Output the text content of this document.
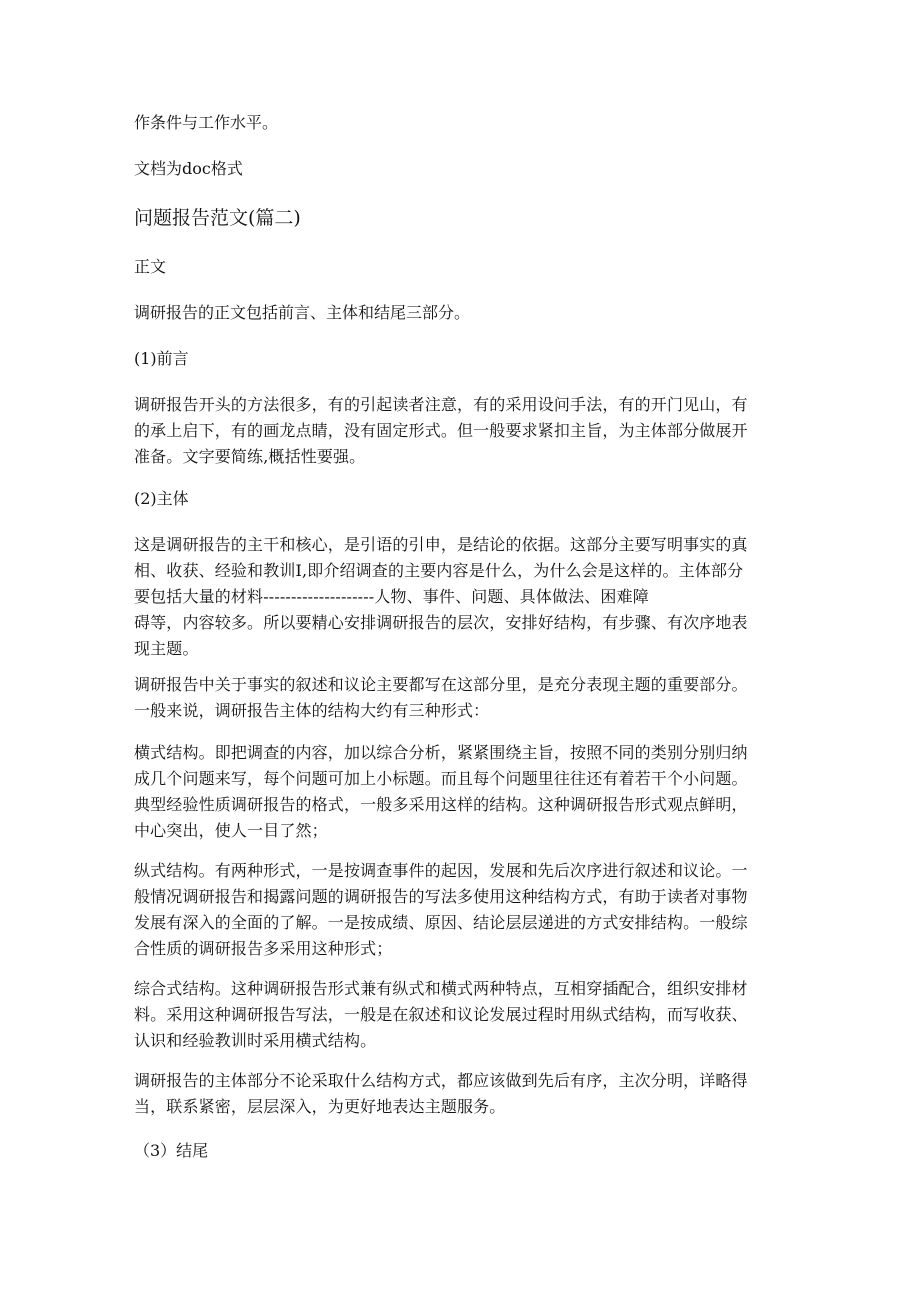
作条件与工作水平。
文档为doc格式
问题报告范文(篇二)
正文
调研报告的正文包括前言、主体和结尾三部分。
(1)前言
调研报告开头的方法很多，有的引起读者注意，有的采用设问手法，有的开门见山，有
的承上启下，有的画龙点睛，没有固定形式。但一般要求紧扣主旨，为主体部分做展开
准备。文字要简练,概括性要强。
(2)主体
这是调研报告的主干和核心，是引语的引申，是结论的依据。这部分主要写明事实的真
相、收获、经验和教训I,即介绍调查的主要内容是什么，为什么会是这样的。主体部分
要包括大量的材料--------------------人物、事件、问题、具体做法、困难障
碍等，内容较多。所以要精心安排调研报告的层次，安排好结构，有步骤、有次序地表
现主题。
调研报告中关于事实的叙述和议论主要都写在这部分里，是充分表现主题的重要部分。
一般来说，调研报告主体的结构大约有三种形式：
横式结构。即把调查的内容，加以综合分析，紧紧围绕主旨，按照不同的类别分别归纳
成几个问题来写，每个问题可加上小标题。而且每个问题里往往还有着若干个小问题。
典型经验性质调研报告的格式，一般多采用这样的结构。这种调研报告形式观点鲜明，
中心突出，使人一目了然；
纵式结构。有两种形式，一是按调查事件的起因，发展和先后次序进行叙述和议论。一
般情况调研报告和揭露问题的调研报告的写法多使用这种结构方式，有助于读者对事物
发展有深入的全面的了解。一是按成绩、原因、结论层层递进的方式安排结构。一般综
合性质的调研报告多采用这种形式；
综合式结构。这种调研报告形式兼有纵式和横式两种特点，互相穿插配合，组织安排材
料。采用这种调研报告写法，一般是在叙述和议论发展过程时用纵式结构，而写收获、
认识和经验教训时采用横式结构。
调研报告的主体部分不论采取什么结构方式，都应该做到先后有序，主次分明，详略得
当，联系紧密，层层深入，为更好地表达主题服务。
（3）结尾
